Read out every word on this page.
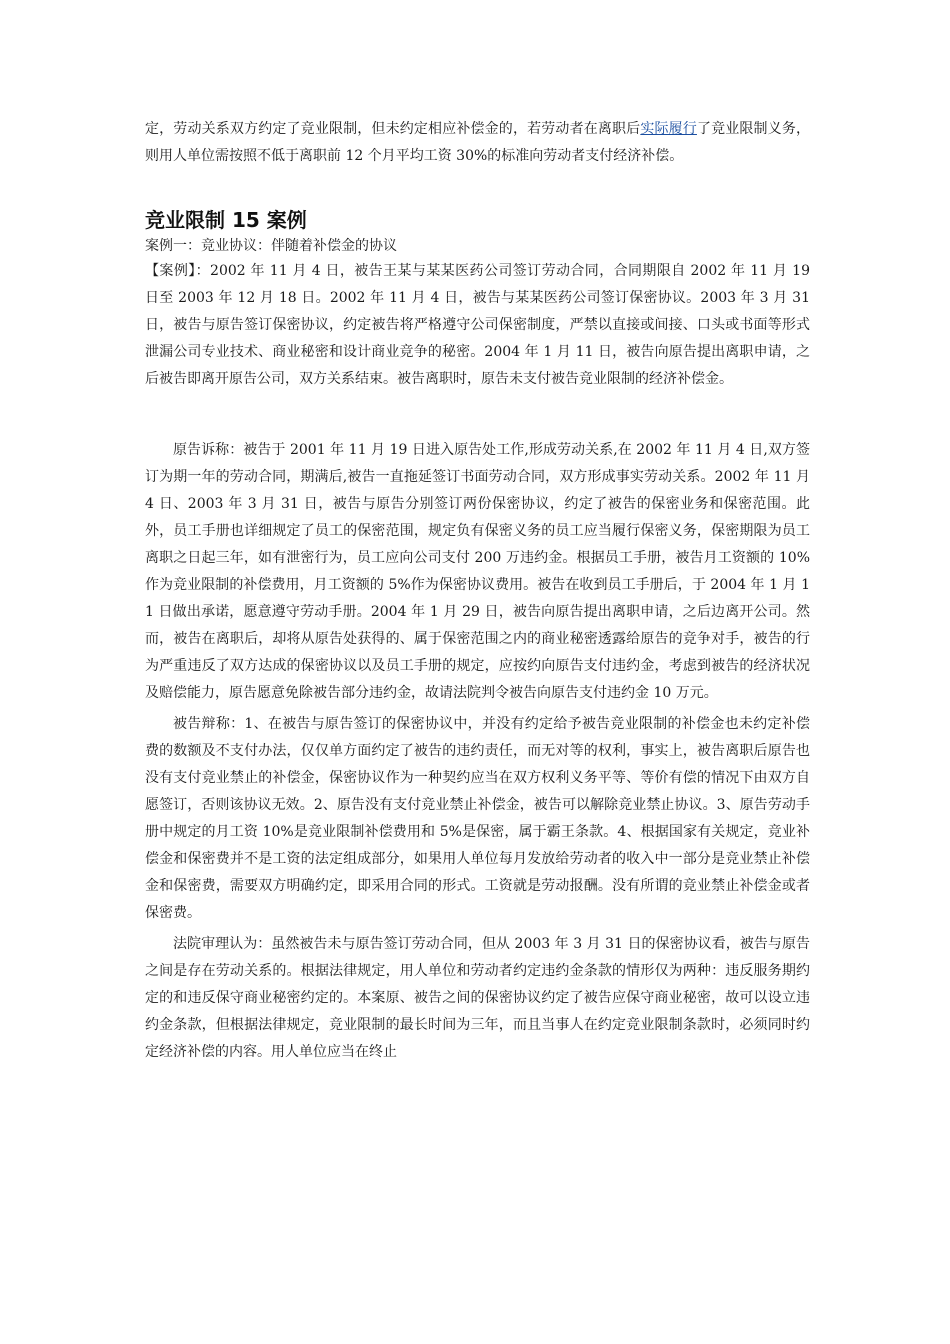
定，劳动关系双方约定了竞业限制，但未约定相应补偿金的，若劳动者在离职后实际履行了竞业限制义务，则用人单位需按照不低于离职前 12 个月平均工资 30%的标准向劳动者支付经济补偿。

竞业限制 15 案例

案例一：竞业协议：伴随着补偿金的协议

【案例】：2002 年 11 月 4 日，被告王某与某某医药公司签订劳动合同，合同期限自 2002 年 11 月 19 日至 2003 年 12 月 18 日。2002 年 11 月 4 日，被告与某某医药公司签订保密协议。2003 年 3 月 31 日，被告与原告签订保密协议，约定被告将严格遵守公司保密制度，严禁以直接或间接、口头或书面等形式泄漏公司专业技术、商业秘密和设计商业竞争的秘密。2004 年 1 月 11 日，被告向原告提出离职申请，之后被告即离开原告公司，双方关系结束。被告离职时，原告未支付被告竞业限制的经济补偿金。

原告诉称：被告于 2001 年 11 月 19 日进入原告处工作,形成劳动关系,在 2002 年 11 月 4 日,双方签订为期一年的劳动合同，期满后,被告一直拖延签订书面劳动合同，双方形成事实劳动关系。2002 年 11 月 4 日、2003 年 3 月 31 日，被告与原告分别签订两份保密协议，约定了被告的保密业务和保密范围。此外，员工手册也详细规定了员工的保密范围，规定负有保密义务的员工应当履行保密义务，保密期限为员工离职之日起三年，如有泄密行为，员工应向公司支付 200 万违约金。根据员工手册，被告月工资额的 10%作为竞业限制的补偿费用，月工资额的 5%作为保密协议费用。被告在收到员工手册后，于 2004 年 1 月 11 日做出承诺，愿意遵守劳动手册。2004 年 1 月 29 日，被告向原告提出离职申请，之后边离开公司。然而，被告在离职后，却将从原告处获得的、属于保密范围之内的商业秘密透露给原告的竞争对手，被告的行为严重违反了双方达成的保密协议以及员工手册的规定，应按约向原告支付违约金，考虑到被告的经济状况及赔偿能力，原告愿意免除被告部分违约金，故请法院判令被告向原告支付违约金 10 万元。

被告辩称：1、在被告与原告签订的保密协议中，并没有约定给予被告竞业限制的补偿金也未约定补偿费的数额及不支付办法，仅仅单方面约定了被告的违约责任，而无对等的权利，事实上，被告离职后原告也没有支付竞业禁止的补偿金，保密协议作为一种契约应当在双方权利义务平等、等价有偿的情况下由双方自愿签订，否则该协议无效。2、原告没有支付竞业禁止补偿金，被告可以解除竞业禁止协议。3、原告劳动手册中规定的月工资 10%是竞业限制补偿费用和 5%是保密，属于霸王条款。4、根据国家有关规定，竞业补偿金和保密费并不是工资的法定组成部分，如果用人单位每月发放给劳动者的收入中一部分是竞业禁止补偿金和保密费，需要双方明确约定，即采用合同的形式。工资就是劳动报酬。没有所谓的竞业禁止补偿金或者保密费。

法院审理认为：虽然被告未与原告签订劳动合同，但从 2003 年 3 月 31 日的保密协议看，被告与原告之间是存在劳动关系的。根据法律规定，用人单位和劳动者约定违约金条款的情形仅为两种：违反服务期约定的和违反保守商业秘密约定的。本案原、被告之间的保密协议约定了被告应保守商业秘密，故可以设立违约金条款，但根据法律规定，竞业限制的最长时间为三年，而且当事人在约定竞业限制条款时，必须同时约定经济补偿的内容。用人单位应当在终止
